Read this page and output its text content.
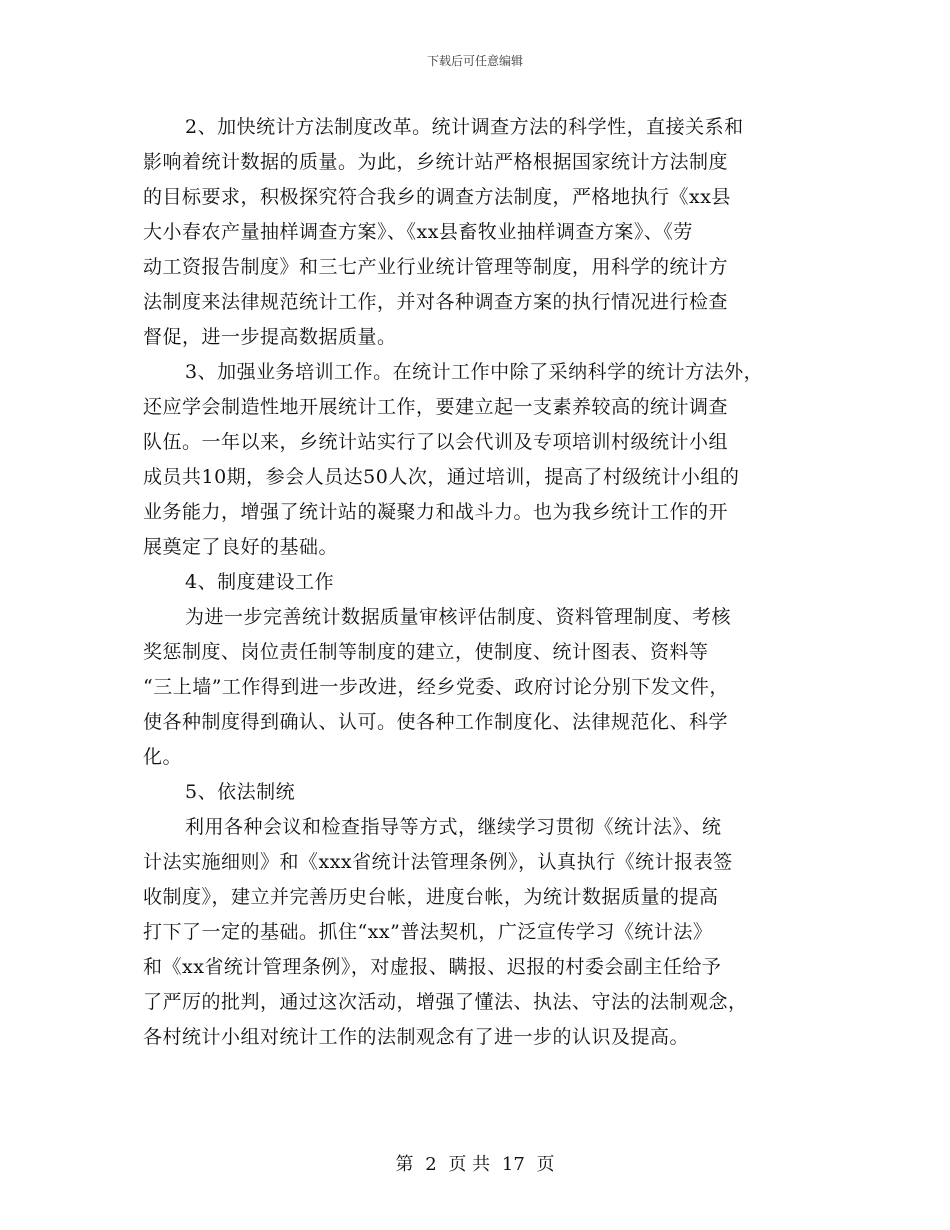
下载后可任意编辑
2、加快统计方法制度改革。统计调查方法的科学性，直接关系和
影响着统计数据的质量。为此，乡统计站严格根据国家统计方法制度
的目标要求，积极探究符合我乡的调查方法制度，严格地执行《xx县
大小春农产量抽样调查方案》、《xx县畜牧业抽样调查方案》、《劳
动工资报告制度》和三七产业行业统计管理等制度，用科学的统计方
法制度来法律规范统计工作，并对各种调查方案的执行情况进行检查
督促，进一步提高数据质量。
3、加强业务培训工作。在统计工作中除了采纳科学的统计方法外，
还应学会制造性地开展统计工作，要建立起一支素养较高的统计调查
队伍。一年以来，乡统计站实行了以会代训及专项培训村级统计小组
成员共10期，参会人员达50人次，通过培训，提高了村级统计小组的
业务能力，增强了统计站的凝聚力和战斗力。也为我乡统计工作的开
展奠定了良好的基础。
4、制度建设工作
为进一步完善统计数据质量审核评估制度、资料管理制度、考核
奖惩制度、岗位责任制等制度的建立，使制度、统计图表、资料等
“三上墙”工作得到进一步改进，经乡党委、政府讨论分别下发文件，
使各种制度得到确认、认可。使各种工作制度化、法律规范化、科学
化。
5、依法制统
利用各种会议和检查指导等方式，继续学习贯彻《统计法》、统
计法实施细则》和《xxx省统计法管理条例》，认真执行《统计报表签
收制度》，建立并完善历史台帐，进度台帐，为统计数据质量的提高
打下了一定的基础。抓住“xx”普法契机，广泛宣传学习《统计法》
和《xx省统计管理条例》，对虚报、瞒报、迟报的村委会副主任给予
了严厉的批判，通过这次活动，增强了懂法、执法、守法的法制观念，
各村统计小组对统计工作的法制观念有了进一步的认识及提高。
第 2 页 共 17 页
